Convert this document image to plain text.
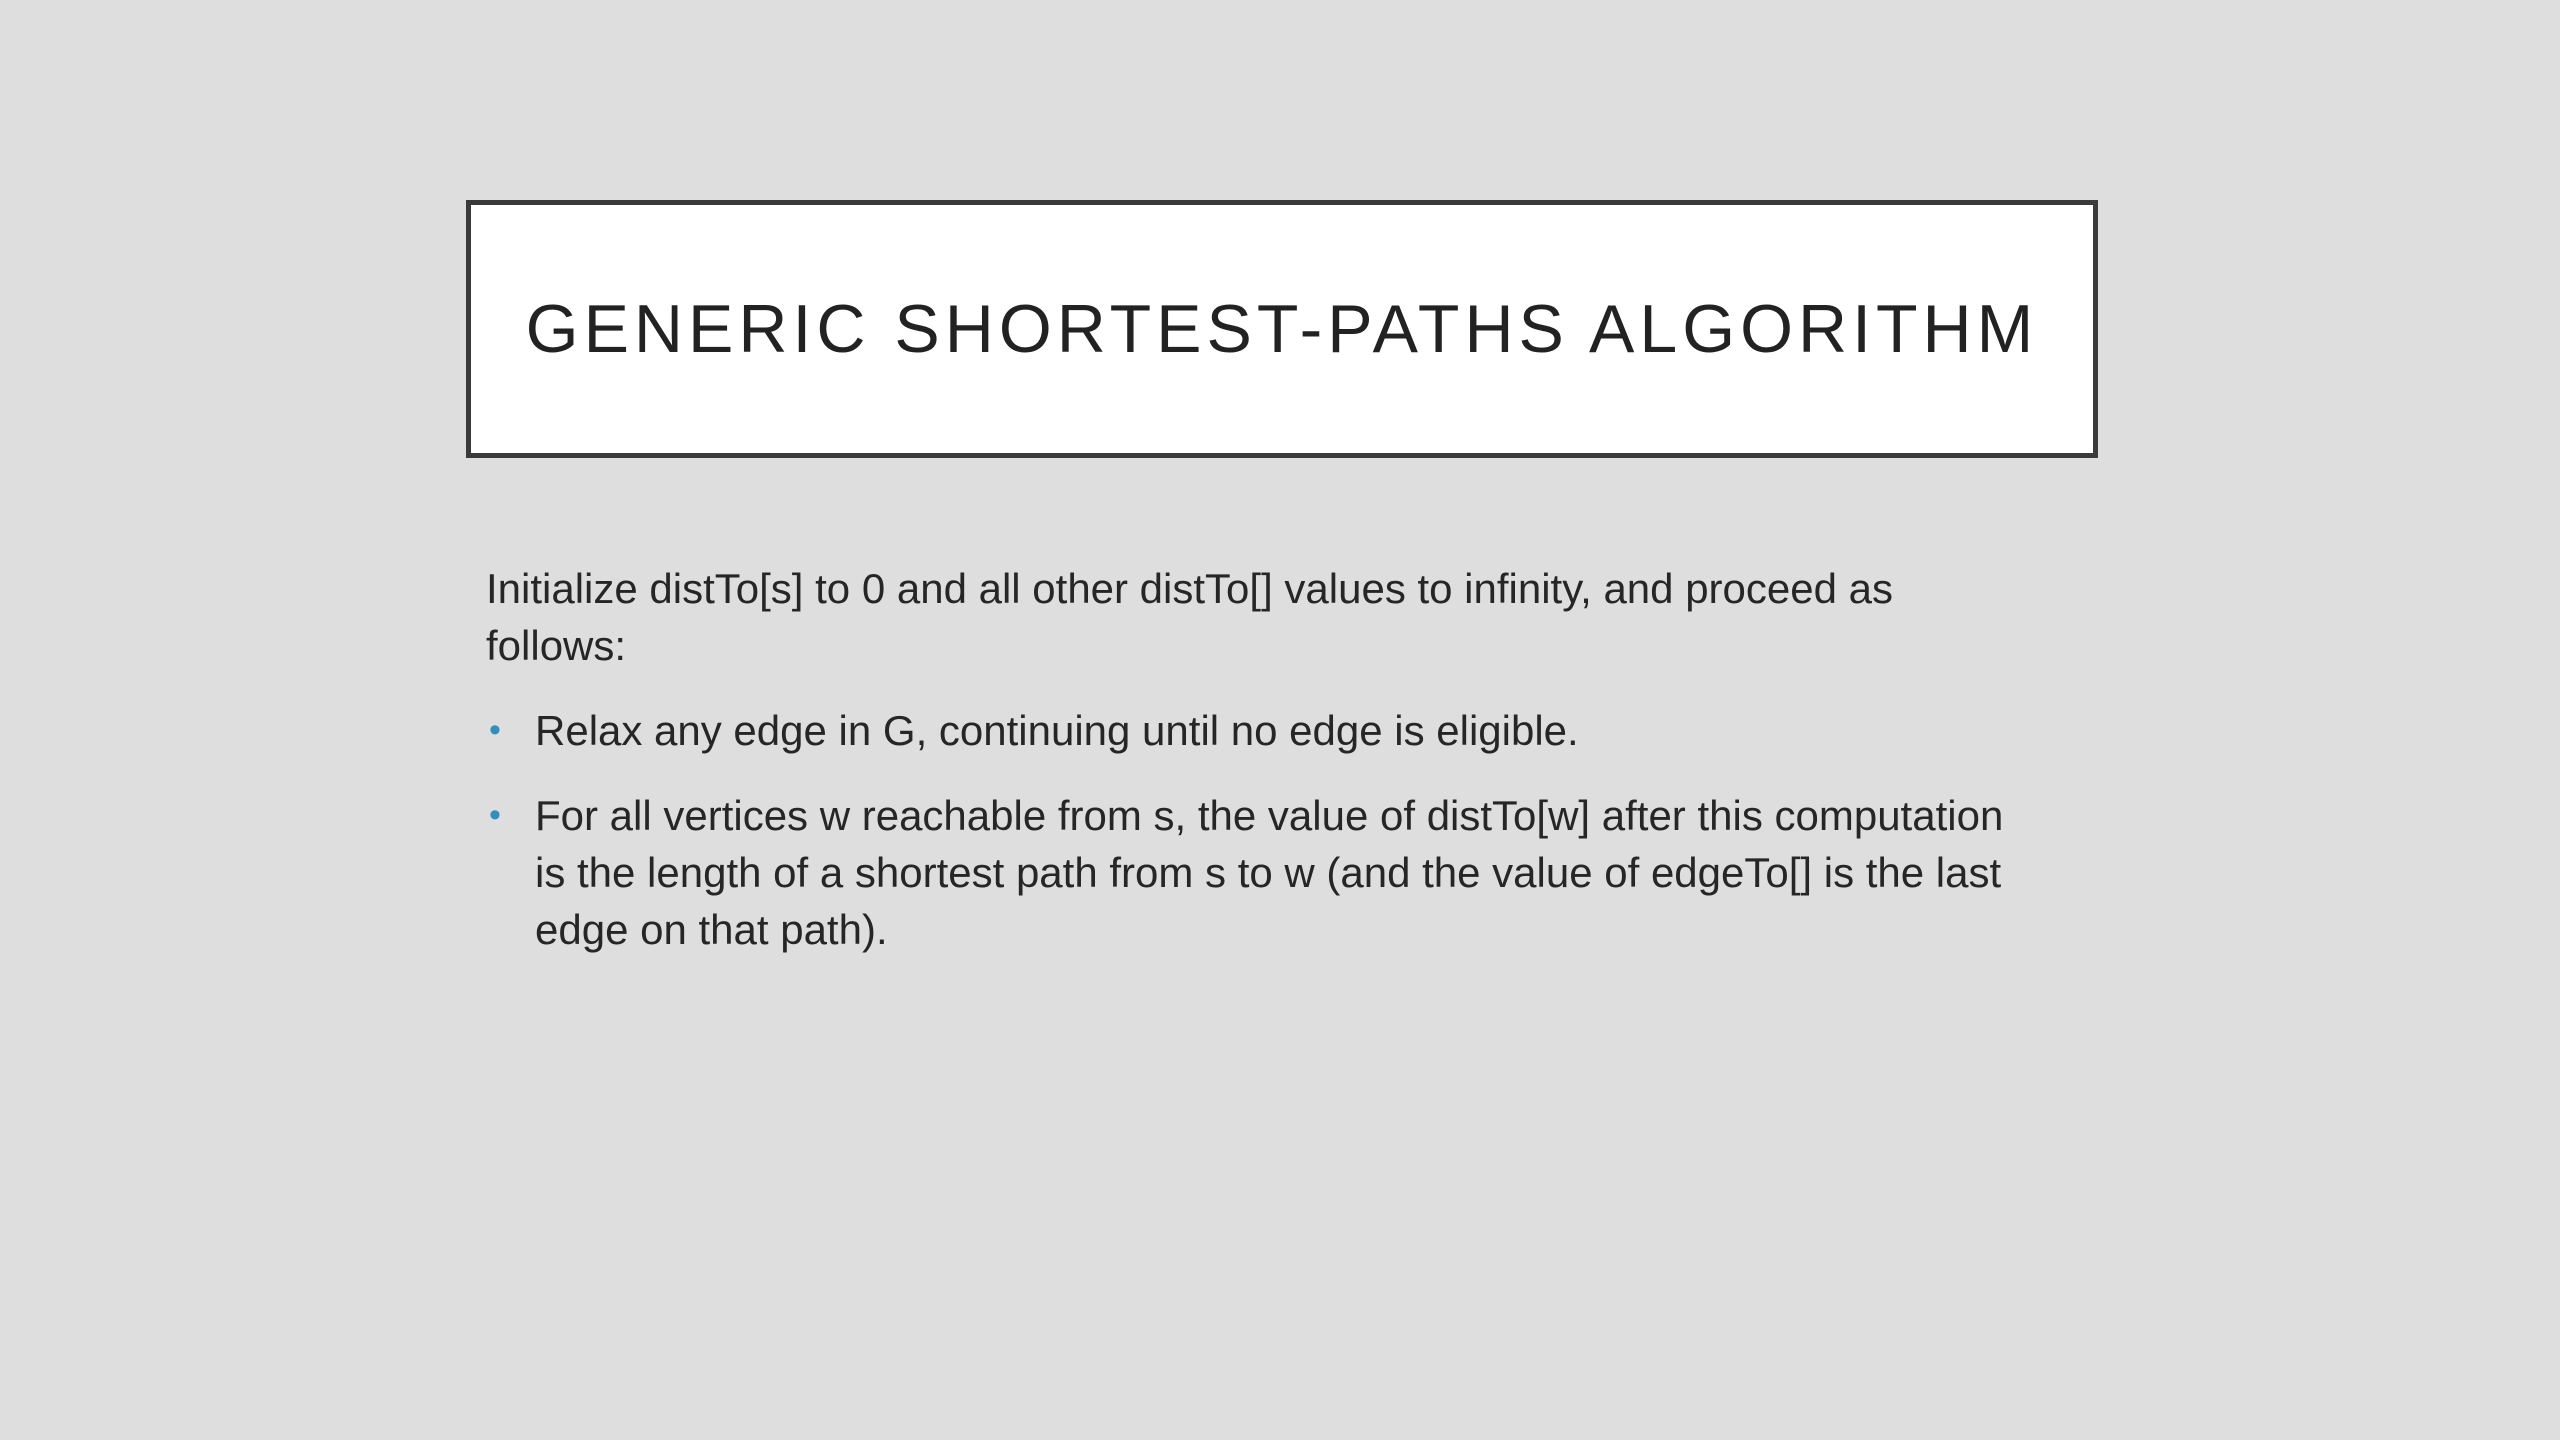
GENERIC SHORTEST-PATHS ALGORITHM

Initialize distTo[s] to 0 and all other distTo[] values to infinity, and proceed as follows:

• Relax any edge in G, continuing until no edge is eligible.
• For all vertices w reachable from s, the value of distTo[w] after this computation is the length of a shortest path from s to w (and the value of edgeTo[] is the last edge on that path).
